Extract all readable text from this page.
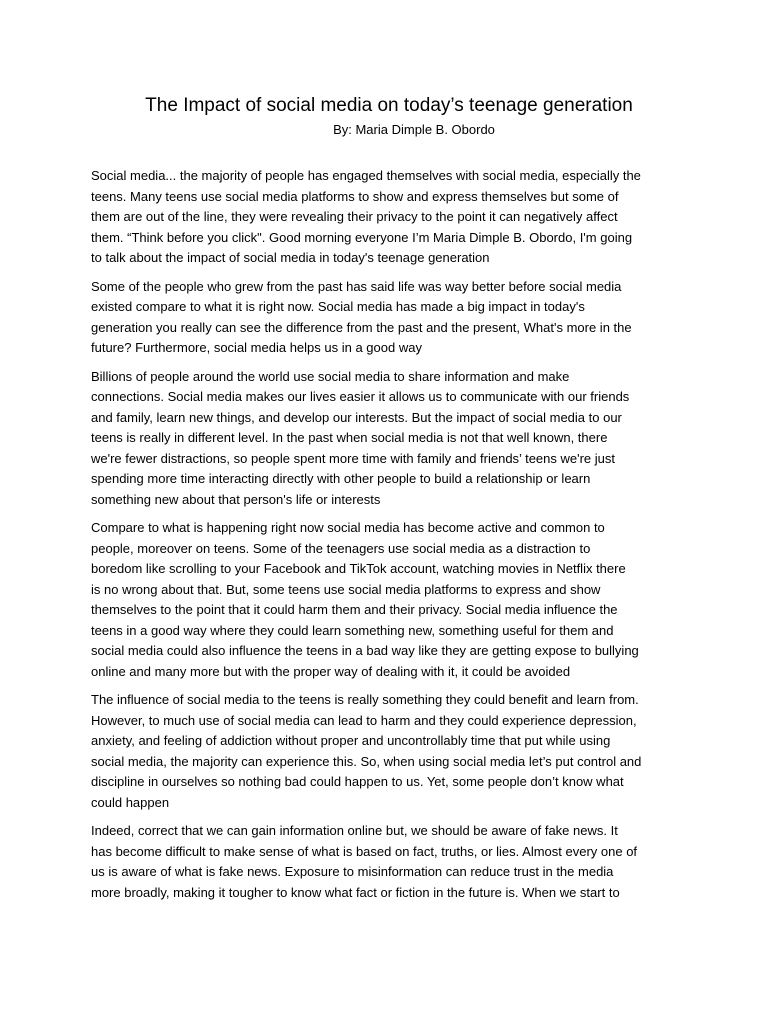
The Impact of social media on today’s teenage generation
By: Maria Dimple B. Obordo
Social media... the majority of people has engaged themselves with social media, especially the
teens. Many teens use social media platforms to show and express themselves but some of
them are out of the line, they were revealing their privacy to the point it can negatively affect
them. “Think before you click". Good morning everyone I’m Maria Dimple B. Obordo, I'm going
to talk about the impact of social media in today's teenage generation
Some of the people who grew from the past has said life was way better before social media
existed compare to what it is right now. Social media has made a big impact in today's
generation you really can see the difference from the past and the present, What's more in the
future? Furthermore, social media helps us in a good way
Billions of people around the world use social media to share information and make
connections. Social media makes our lives easier it allows us to communicate with our friends
and family, learn new things, and develop our interests. But the impact of social media to our
teens is really in different level. In the past when social media is not that well known, there
we're fewer distractions, so people spent more time with family and friends’ teens we're just
spending more time interacting directly with other people to build a relationship or learn
something new about that person's life or interests
Compare to what is happening right now social media has become active and common to
people, moreover on teens. Some of the teenagers use social media as a distraction to
boredom like scrolling to your Facebook and TikTok account, watching movies in Netflix there
is no wrong about that. But, some teens use social media platforms to express and show
themselves to the point that it could harm them and their privacy. Social media influence the
teens in a good way where they could learn something new, something useful for them and
social media could also influence the teens in a bad way like they are getting expose to bullying
online and many more but with the proper way of dealing with it, it could be avoided
The influence of social media to the teens is really something they could benefit and learn from.
However, to much use of social media can lead to harm and they could experience depression,
anxiety, and feeling of addiction without proper and uncontrollably time that put while using
social media, the majority can experience this. So, when using social media let’s put control and
discipline in ourselves so nothing bad could happen to us. Yet, some people don’t know what
could happen
Indeed, correct that we can gain information online but, we should be aware of fake news. It
has become difficult to make sense of what is based on fact, truths, or lies. Almost every one of
us is aware of what is fake news. Exposure to misinformation can reduce trust in the media
more broadly, making it tougher to know what fact or fiction in the future is. When we start to
